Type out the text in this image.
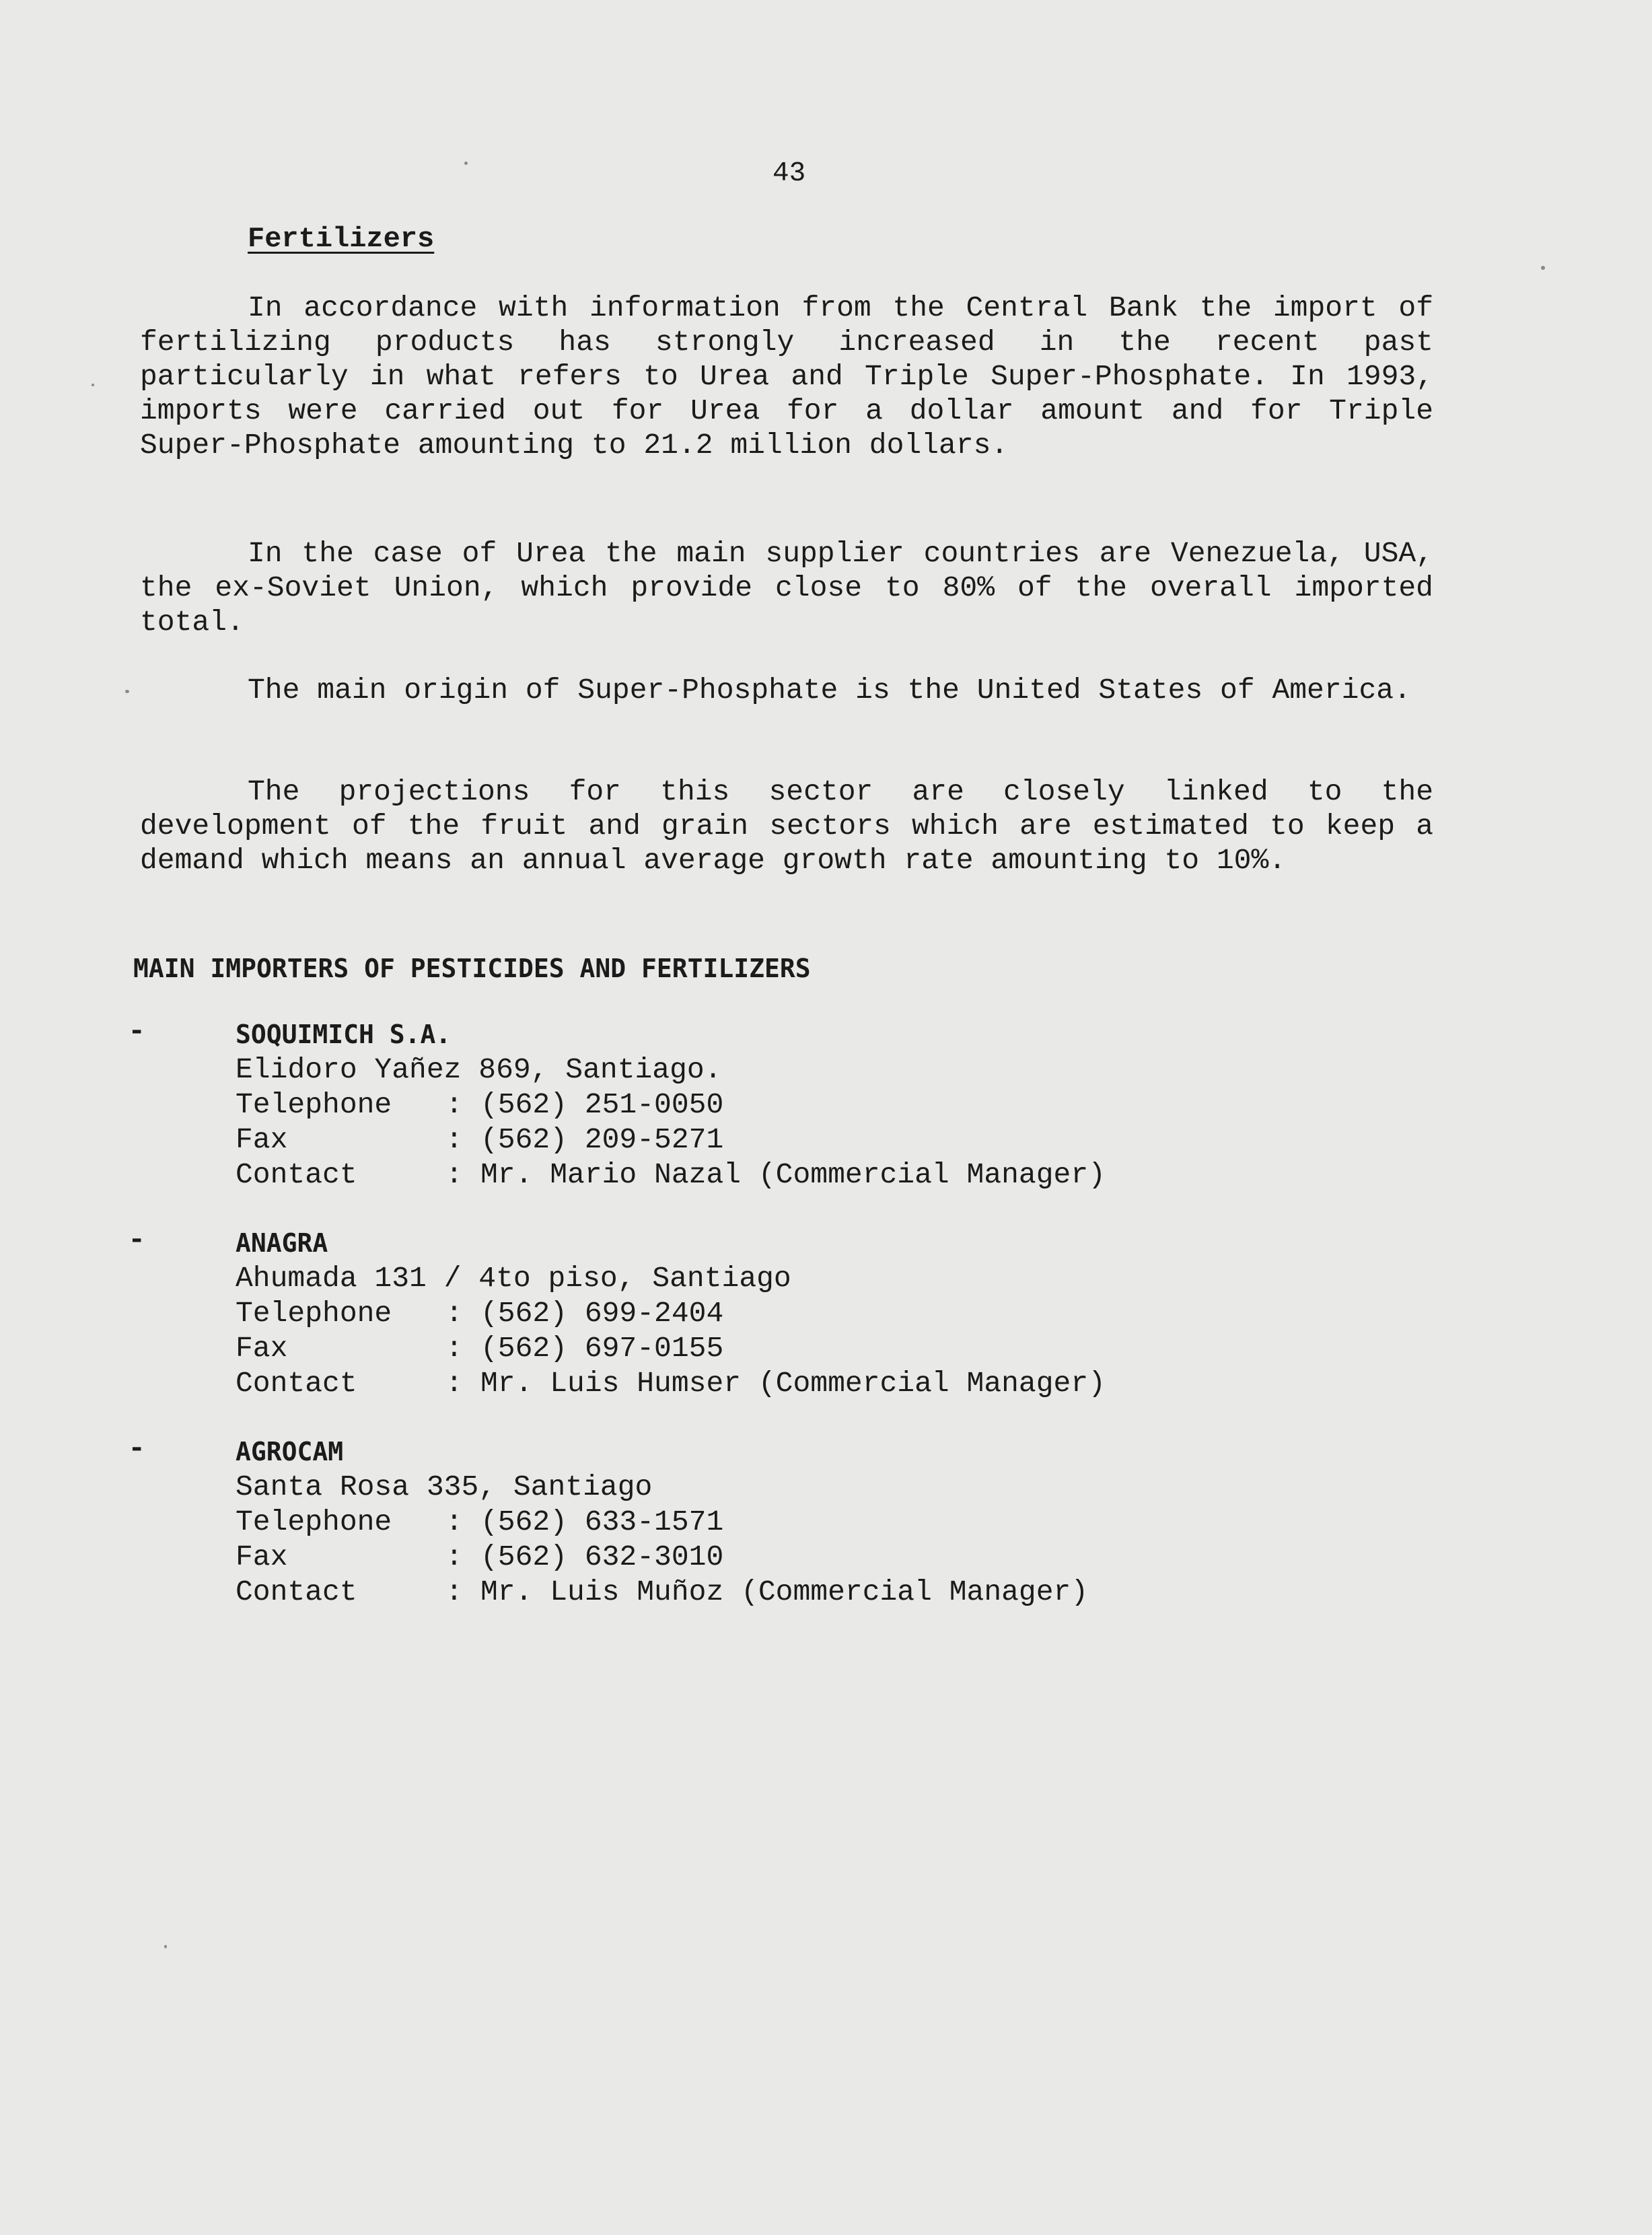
43
Fertilizers

In accordance with information from the Central Bank the import of fertilizing products has strongly increased in the recent past particularly in what refers to Urea and Triple Super-Phosphate. In 1993, imports were carried out for Urea for a dollar amount and for Triple Super-Phosphate amounting to 21.2 million dollars.

In the case of Urea the main supplier countries are Venezuela, USA, the ex-Soviet Union, which provide close to 80% of the overall imported total.

The main origin of Super-Phosphate is the United States of America.

The projections for this sector are closely linked to the development of the fruit and grain sectors which are estimated to keep a demand which means an annual average growth rate amounting to 10%.

MAIN IMPORTERS OF PESTICIDES AND FERTILIZERS
-	SOQUIMICH S.A.
Elidoro Yañez 869, Santiago.
Telephone : (562) 251-0050
Fax	: (562) 209-5271
Contact	: Mr. Mario Nazal (Commercial Manager)
-	ANAGRA
Ahumada 131 / 4to piso, Santiago
Telephone : (562) 699-2404
Fax	: (562) 697-0155
Contact	: Mr. Luis Humser (Commercial Manager)
-	AGROCAM
Santa Rosa 335, Santiago
Telephone : (562) 633-1571
Fax	: (562) 632-3010
Contact	: Mr. Luis Muñoz (Commercial Manager)
